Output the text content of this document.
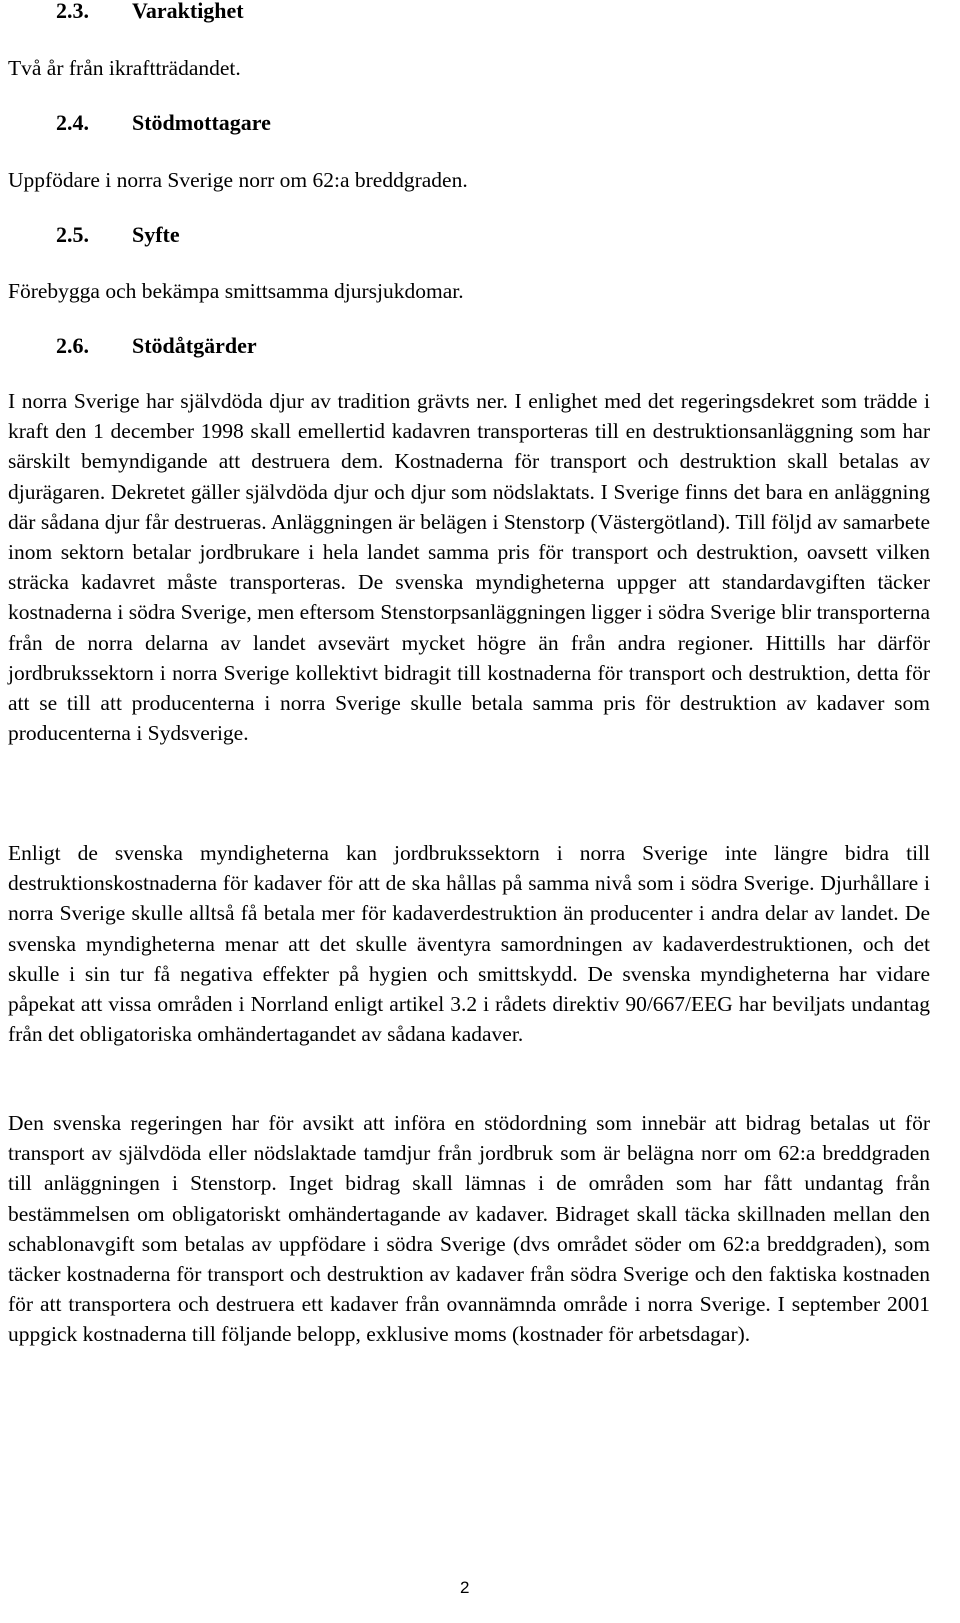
2.3.	Varaktighet
Två år från ikraftträdandet.
2.4.	Stödmottagare
Uppfödare i norra Sverige norr om 62:a breddgraden.
2.5.	Syfte
Förebygga och bekämpa smittsamma djursjukdomar.
2.6.	Stödåtgärder

I norra Sverige har självdöda djur av tradition grävts ner. I enlighet med det regeringsdekret som trädde i kraft den 1 december 1998 skall emellertid kadavren transporteras till en destruktionsanläggning som har särskilt bemyndigande att destruera dem. Kostnaderna för transport och destruktion skall betalas av djurägaren. Dekretet gäller självdöda djur och djur som nödslaktats. I Sverige finns det bara en anläggning där sådana djur får destrueras. Anläggningen är belägen i Stenstorp (Västergötland). Till följd av samarbete inom sektorn betalar jordbrukare i hela landet samma pris för transport och destruktion, oavsett vilken sträcka kadavret måste transporteras. De svenska myndigheterna uppger att standardavgiften täcker kostnaderna i södra Sverige, men eftersom Stenstorpsanläggningen ligger i södra Sverige blir transporterna från de norra delarna av landet avsevärt mycket högre än från andra regioner. Hittills har därför jordbrukssektorn i norra Sverige kollektivt bidragit till kostnaderna för transport och destruktion, detta för att se till att producenterna i norra Sverige skulle betala samma pris för destruktion av kadaver som producenterna i Sydsverige.

Enligt de svenska myndigheterna kan jordbrukssektorn i norra Sverige inte längre bidra till destruktionskostnaderna för kadaver för att de ska hållas på samma nivå som i södra Sverige. Djurhållare i norra Sverige skulle alltså få betala mer för kadaverdestruktion än producenter i andra delar av landet. De svenska myndigheterna menar att det skulle äventyra samordningen av kadaverdestruktionen, och det skulle i sin tur få negativa effekter på hygien och smittskydd. De svenska myndigheterna har vidare påpekat att vissa områden i Norrland enligt artikel 3.2 i rådets direktiv 90/667/EEG har beviljats undantag från det obligatoriska omhändertagandet av sådana kadaver.

Den svenska regeringen har för avsikt att införa en stödordning som innebär att bidrag betalas ut för transport av självdöda eller nödslaktade tamdjur från jordbruk som är belägna norr om 62:a breddgraden till anläggningen i Stenstorp. Inget bidrag skall lämnas i de områden som har fått undantag från bestämmelsen om obligatoriskt omhändertagande av kadaver. Bidraget skall täcka skillnaden mellan den schablonavgift som betalas av uppfödare i södra Sverige (dvs området söder om 62:a breddgraden), som täcker kostnaderna för transport och destruktion av kadaver från södra Sverige och den faktiska kostnaden för att transportera och destruera ett kadaver från ovannämnda område i norra Sverige. I september 2001 uppgick kostnaderna till följande belopp, exklusive moms (kostnader för arbetsdagar).

2
